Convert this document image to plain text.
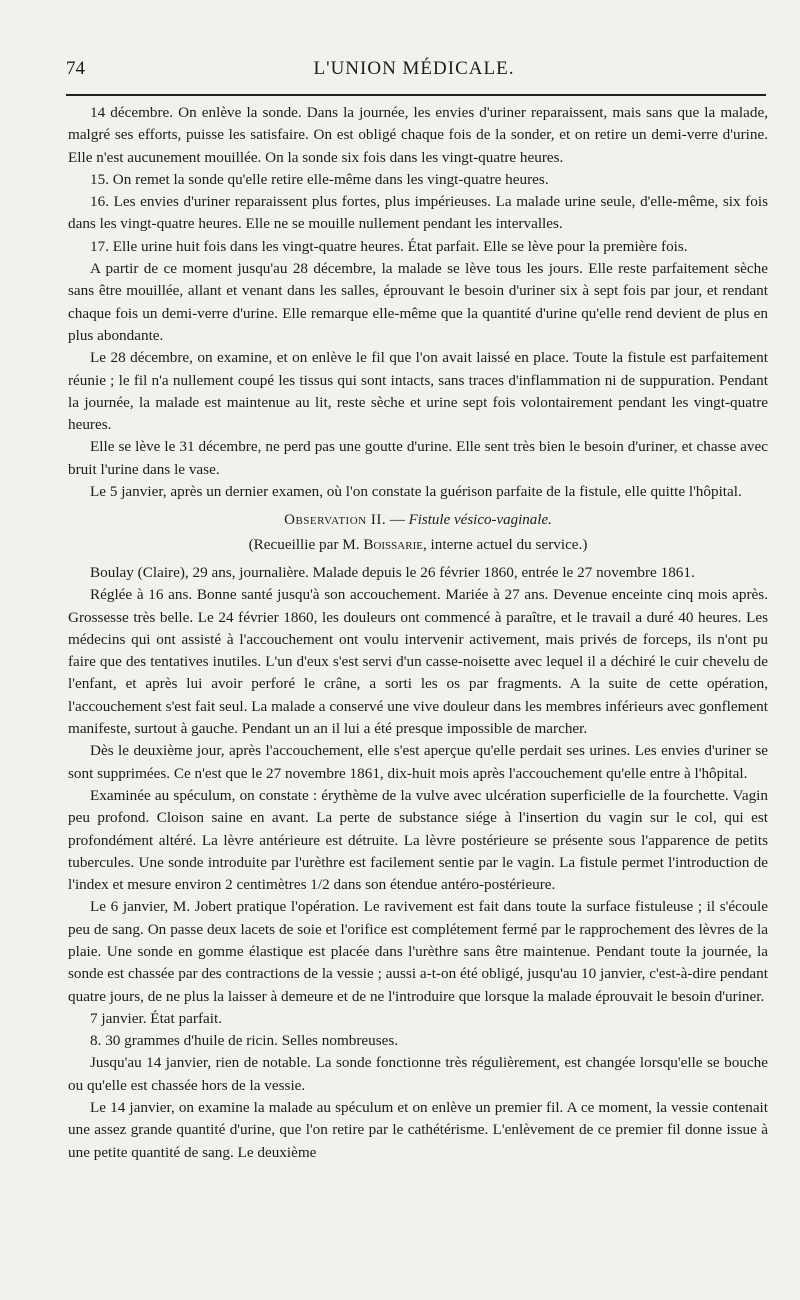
74	L'UNION MÉDICALE.

14 décembre. On enlève la sonde. Dans la journée, les envies d'uriner reparaissent, mais sans que la malade, malgré ses efforts, puisse les satisfaire. On est obligé chaque fois de la sonder, et on retire un demi-verre d'urine. Elle n'est aucunement mouillée. On la sonde six fois dans les vingt-quatre heures.

15. On remet la sonde qu'elle retire elle-même dans les vingt-quatre heures.

16. Les envies d'uriner reparaissent plus fortes, plus impérieuses. La malade urine seule, d'elle-même, six fois dans les vingt-quatre heures. Elle ne se mouille nullement pendant les intervalles.

17. Elle urine huit fois dans les vingt-quatre heures. État parfait. Elle se lève pour la première fois.

A partir de ce moment jusqu'au 28 décembre, la malade se lève tous les jours. Elle reste parfaitement sèche sans être mouillée, allant et venant dans les salles, éprouvant le besoin d'uriner six à sept fois par jour, et rendant chaque fois un demi-verre d'urine. Elle remarque elle-même que la quantité d'urine qu'elle rend devient de plus en plus abondante.

Le 28 décembre, on examine, et on enlève le fil que l'on avait laissé en place. Toute la fistule est parfaitement réunie ; le fil n'a nullement coupé les tissus qui sont intacts, sans traces d'inflammation ni de suppuration. Pendant la journée, la malade est maintenue au lit, reste sèche et urine sept fois volontairement pendant les vingt-quatre heures.

Elle se lève le 31 décembre, ne perd pas une goutte d'urine. Elle sent très bien le besoin d'uriner, et chasse avec bruit l'urine dans le vase.

Le 5 janvier, après un dernier examen, où l'on constate la guérison parfaite de la fistule, elle quitte l'hôpital.

Observation II. — Fistule vésico-vaginale.
(Recueillie par M. Boissarie, interne actuel du service.)

Boulay (Claire), 29 ans, journalière. Malade depuis le 26 février 1860, entrée le 27 novembre 1861.

Réglée à 16 ans. Bonne santé jusqu'à son accouchement. Mariée à 27 ans. Devenue enceinte cinq mois après. Grossesse très belle. Le 24 février 1860, les douleurs ont commencé à paraître, et le travail a duré 40 heures. Les médecins qui ont assisté à l'accouchement ont voulu intervenir activement, mais privés de forceps, ils n'ont pu faire que des tentatives inutiles. L'un d'eux s'est servi d'un casse-noisette avec lequel il a déchiré le cuir chevelu de l'enfant, et après lui avoir perforé le crâne, a sorti les os par fragments. A la suite de cette opération, l'accouchement s'est fait seul. La malade a conservé une vive douleur dans les membres inférieurs avec gonflement manifeste, surtout à gauche. Pendant un an il lui a été presque impossible de marcher.

Dès le deuxième jour, après l'accouchement, elle s'est aperçue qu'elle perdait ses urines. Les envies d'uriner se sont supprimées. Ce n'est que le 27 novembre 1861, dix-huit mois après l'accouchement qu'elle entre à l'hôpital.

Examinée au spéculum, on constate : érythème de la vulve avec ulcération superficielle de la fourchette. Vagin peu profond. Cloison saine en avant. La perte de substance siége à l'insertion du vagin sur le col, qui est profondément altéré. La lèvre antérieure est détruite. La lèvre postérieure se présente sous l'apparence de petits tubercules. Une sonde introduite par l'urèthre est facilement sentie par le vagin. La fistule permet l'introduction de l'index et mesure environ 2 centimètres 1/2 dans son étendue antéro-postérieure.

Le 6 janvier, M. Jobert pratique l'opération. Le ravivement est fait dans toute la surface fistuleuse ; il s'écoule peu de sang. On passe deux lacets de soie et l'orifice est complétement fermé par le rapprochement des lèvres de la plaie. Une sonde en gomme élastique est placée dans l'urèthre sans être maintenue. Pendant toute la journée, la sonde est chassée par des contractions de la vessie ; aussi a-t-on été obligé, jusqu'au 10 janvier, c'est-à-dire pendant quatre jours, de ne plus la laisser à demeure et de ne l'introduire que lorsque la malade éprouvait le besoin d'uriner.

7 janvier. État parfait.

8. 30 grammes d'huile de ricin. Selles nombreuses.

Jusqu'au 14 janvier, rien de notable. La sonde fonctionne très régulièrement, est changée lorsqu'elle se bouche ou qu'elle est chassée hors de la vessie.

Le 14 janvier, on examine la malade au spéculum et on enlève un premier fil. A ce moment, la vessie contenait une assez grande quantité d'urine, que l'on retire par le cathétérisme. L'enlèvement de ce premier fil donne issue à une petite quantité de sang. Le deuxième
